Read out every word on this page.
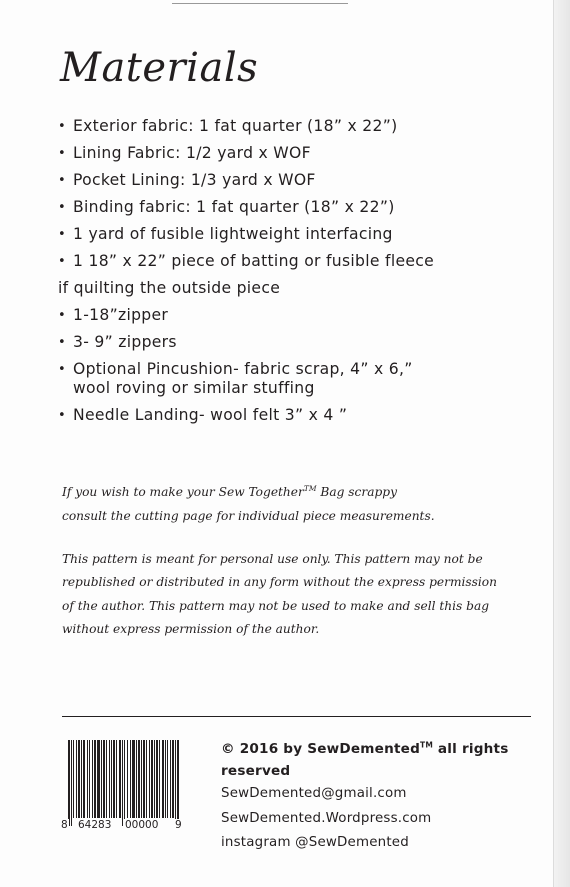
Materials
• Exterior fabric: 1 fat quarter (18” x 22”)
• Lining Fabric: 1/2 yard x WOF
• Pocket Lining: 1/3 yard x WOF
• Binding fabric: 1 fat quarter (18” x 22”)
• 1 yard of fusible lightweight interfacing
• 1 18” x 22” piece of batting or fusible fleece
if quilting the outside piece
• 1-18”zipper
• 3- 9” zippers
• Optional Pincushion- fabric scrap, 4” x 6,”
wool roving or similar stuffing
• Needle Landing- wool felt 3” x 4 ”

If you wish to make your Sew Together™ Bag scrappy

consult the cutting page for individual piece measurements.

This pattern is meant for personal use only. This pattern may not be

republished or distributed in any form without the express permission

of the author. This pattern may not be used to make and sell this bag

without express permission of the author.

8 64283 00000 9
© 2016 by SewDemented™ all rights reserved
SewDemented@gmail.com
SewDemented.Wordpress.com
instagram @SewDemented
